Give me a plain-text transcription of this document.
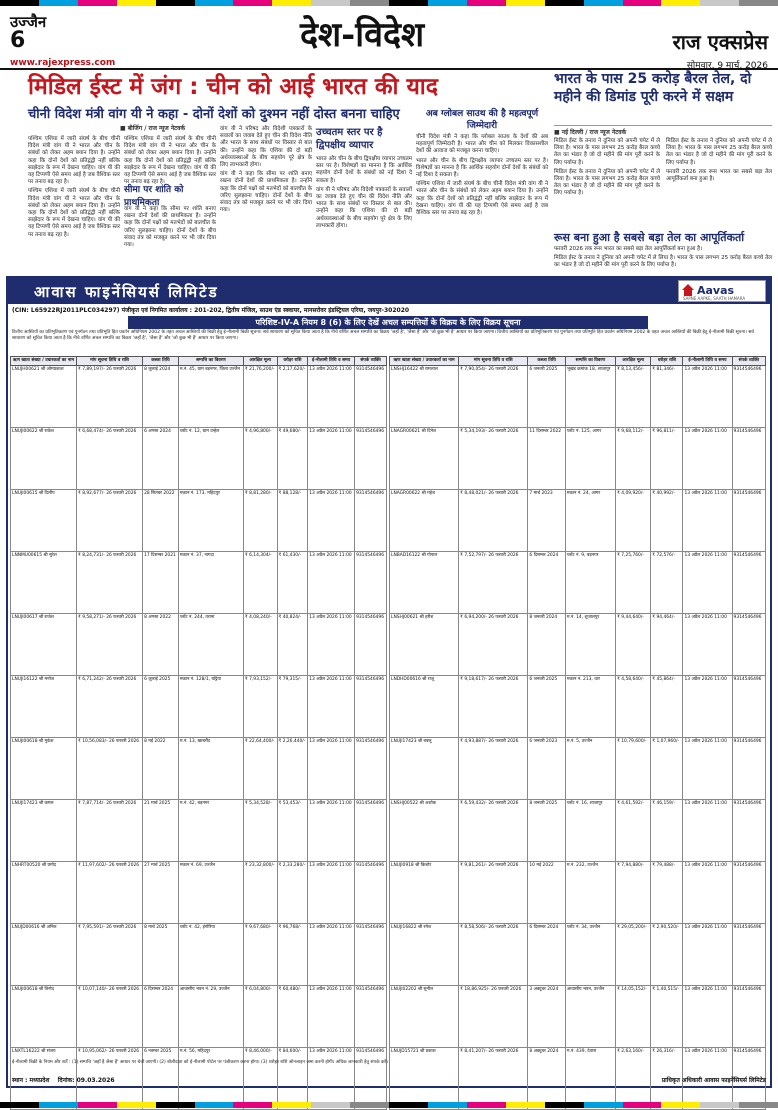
उज्जैन
6
www.rajexpress.com
देश-विदेश	राज एक्सप्रेस
सोमवार, 9 मार्च, 2026
मिडिल ईस्ट में जंग : चीन को आई भारत की याद
चीनी विदेश मंत्री वांग यी ने कहा - दोनों देशों को दुश्मन नहीं दोस्त बनना चाहिए
■ बीजिंग / राज न्यूज नेटवर्क

पश्चिम एशिया में जारी संघर्ष के बीच चीनी विदेश मंत्री वांग यी ने भारत और चीन के संबंधों को लेकर अहम बयान दिया है। उन्होंने कहा कि दोनों देशों को प्रतिद्वंद्वी नहीं बल्कि साझेदार के रूप में देखना चाहिए। वांग यी की यह टिप्पणी ऐसे समय आई है जब वैश्विक स्तर पर तनाव बढ़ रहा है।

पश्चिम एशिया में जारी संघर्ष के बीच चीनी विदेश मंत्री वांग यी ने भारत और चीन के संबंधों को लेकर अहम बयान दिया है। उन्होंने कहा कि दोनों देशों को प्रतिद्वंद्वी नहीं बल्कि साझेदार के रूप में देखना चाहिए। वांग यी की यह टिप्पणी ऐसे समय आई है जब वैश्विक स्तर पर तनाव बढ़ रहा है।

सीमा पर शांति को प्राथमिकता

पश्चिम एशिया में जारी संघर्ष के बीच चीनी विदेश मंत्री वांग यी ने भारत और चीन के संबंधों को लेकर अहम बयान दिया है। उन्होंने कहा कि दोनों देशों को प्रतिद्वंद्वी नहीं बल्कि साझेदार के रूप में देखना चाहिए। वांग यी की यह टिप्पणी ऐसे समय आई है जब वैश्विक स्तर पर तनाव बढ़ रहा है।

वांग यी ने कहा कि सीमा पर शांति बनाए रखना दोनों देशों की प्राथमिकता है। उन्होंने कहा कि दोनों पक्षों को मतभेदों को बातचीत के जरिए सुलझाना चाहिए। दोनों देशों के बीच संवाद तंत्र को मजबूत करने पर भी जोर दिया गया।

वांग यी ने परिषद और विदेशी पत्रकारों के सवालों का जवाब देते हुए चीन की विदेश नीति और भारत के साथ संबंधों पर विस्तार से बात की। उन्होंने कहा कि एशिया की दो बड़ी अर्थव्यवस्थाओं के बीच सहयोग पूरे क्षेत्र के लिए लाभकारी होगा।

वांग यी ने कहा कि सीमा पर शांति बनाए रखना दोनों देशों की प्राथमिकता है। उन्होंने कहा कि दोनों पक्षों को मतभेदों को बातचीत के जरिए सुलझाना चाहिए। दोनों देशों के बीच संवाद तंत्र को मजबूत करने पर भी जोर दिया गया।

उच्चतम स्तर पर है द्विपक्षीय व्यापार

भारत और चीन के बीच द्विपक्षीय व्यापार उच्चतम स्तर पर है। विशेषज्ञों का मानना है कि आर्थिक सहयोग दोनों देशों के संबंधों को नई दिशा दे सकता है।

वांग यी ने परिषद और विदेशी पत्रकारों के सवालों का जवाब देते हुए चीन की विदेश नीति और भारत के साथ संबंधों पर विस्तार से बात की। उन्होंने कहा कि एशिया की दो बड़ी अर्थव्यवस्थाओं के बीच सहयोग पूरे क्षेत्र के लिए लाभकारी होगा।

अब ग्लोबल साउथ की है महत्वपूर्ण जिम्मेदारी

चीनी विदेश मंत्री ने कहा कि ग्लोबल साउथ के देशों की अब महत्वपूर्ण जिम्मेदारी है। भारत और चीन को मिलकर विकासशील देशों की आवाज को मजबूत करना चाहिए।

भारत और चीन के बीच द्विपक्षीय व्यापार उच्चतम स्तर पर है। विशेषज्ञों का मानना है कि आर्थिक सहयोग दोनों देशों के संबंधों को नई दिशा दे सकता है।

पश्चिम एशिया में जारी संघर्ष के बीच चीनी विदेश मंत्री वांग यी ने भारत और चीन के संबंधों को लेकर अहम बयान दिया है। उन्होंने कहा कि दोनों देशों को प्रतिद्वंद्वी नहीं बल्कि साझेदार के रूप में देखना चाहिए। वांग यी की यह टिप्पणी ऐसे समय आई है जब वैश्विक स्तर पर तनाव बढ़ रहा है।

भारत के पास 25 करोड़ बैरल तेल, दो महीने की डिमांड पूरी करने में सक्षम
■ नई दिल्ली / राज न्यूज नेटवर्क

मिडिल ईस्ट के तनाव ने दुनिया को अपनी चपेट में ले लिया है। भारत के पास लगभग 25 करोड़ बैरल कच्चे तेल का भंडार है जो दो महीने की मांग पूरी करने के लिए पर्याप्त है।

मिडिल ईस्ट के तनाव ने दुनिया को अपनी चपेट में ले लिया है। भारत के पास लगभग 25 करोड़ बैरल कच्चे तेल का भंडार है जो दो महीने की मांग पूरी करने के लिए पर्याप्त है।

मिडिल ईस्ट के तनाव ने दुनिया को अपनी चपेट में ले लिया है। भारत के पास लगभग 25 करोड़ बैरल कच्चे तेल का भंडार है जो दो महीने की मांग पूरी करने के लिए पर्याप्त है।

फरवरी 2026 तक रूस भारत का सबसे बड़ा तेल आपूर्तिकर्ता बना हुआ है।

रूस बना हुआ है सबसे बड़ा तेल का आपूर्तिकर्ता

फरवरी 2026 तक रूस भारत का सबसे बड़ा तेल आपूर्तिकर्ता बना हुआ है।

मिडिल ईस्ट के तनाव ने दुनिया को अपनी चपेट में ले लिया है। भारत के पास लगभग 25 करोड़ बैरल कच्चे तेल का भंडार है जो दो महीने की मांग पूरी करने के लिए पर्याप्त है।

आवास फाइनेंसियर्स लिमिटेड	Aavas
SAPNE AAPKE, SAATH HAMARA
(CIN: L65922RJ2011PLC034297) पंजीकृत एवं निगमित कार्यालय : 201-202, द्वितीय मंजिल, साउथ एंड स्क्वायर, मानसरोवर इंडस्ट्रियल एरिया, जयपुर-302020
परिशिष्ट-IV-A नियम 8 (6) के लिए देखें अचल सम्पत्तियों के विक्रय के लिए विक्रय सूचना
वित्तीय आस्तियों का प्रतिभूतिकरण एवं पुनर्गठन तथा प्रतिभूति हित प्रवर्तन अधिनियम 2002 के तहत अचल आस्तियों की बिक्री हेतु ई-नीलामी बिक्री सूचना। सर्व साधारण को सूचित किया जाता है कि नीचे वर्णित अचल सम्पत्ति का विक्रय 'जहाँ है', 'जैसा है' और 'जो कुछ भी है' आधार पर किया जाएगा। वित्तीय आस्तियों का प्रतिभूतिकरण एवं पुनर्गठन तथा प्रतिभूति हित प्रवर्तन अधिनियम 2002 के तहत अचल आस्तियों की बिक्री हेतु ई-नीलामी बिक्री सूचना। सर्व साधारण को सूचित किया जाता है कि नीचे वर्णित अचल सम्पत्ति का विक्रय 'जहाँ है', 'जैसा है' और 'जो कुछ भी है' आधार पर किया जाएगा।
ऋण खाता संख्या / उधारकर्ता का नाम	मांग सूचना तिथि व राशि	कब्जा तिथि	सम्पत्ति का विवरण	आरक्षित मूल्य	धरोहर राशि	ई-नीलामी तिथि व समय	संपर्क व्यक्ति
LNUJH00621 श्री ओमप्रकाश	₹ 7,89,197/- 26 फरवरी 2026	8 जुलाई 2024	म.नं. 45, ग्राम बड़नगर, जिला उज्जैन	₹ 21,76,200/-	₹ 2,17,620/-	13 अप्रैल 2026 11:00	9314546496
LNUJI00622 श्री राकेश	₹ 6,68,474/- 26 फरवरी 2026	6 अगस्त 2024	प्लॉट नं. 12, ग्राम उन्हेल	₹ 4,96,800/-	₹ 49,680/-	13 अप्रैल 2026 11:00	9314546496
LNUJI00615 श्री दिलीप	₹ 8,92,677/- 26 फरवरी 2026	28 सितंबर 2022	मकान नं. 173, महिदपुर	₹ 8,81,280/-	₹ 88,128/-	13 अप्रैल 2026 11:00	9314546496
LNNMU00615 श्री सुरेश	₹ 8,24,731/- 26 फरवरी 2026	17 दिसम्बर 2021	मकान नं. 37, नागदा	₹ 6,14,304/-	₹ 61,430/-	13 अप्रैल 2026 11:00	9314546496
LNUJI00617 श्री राजेश	₹ 9,58,271/- 26 फरवरी 2026	8 अगस्त 2022	प्लॉट नं. 244, तराना	₹ 4,08,240/-	₹ 40,824/-	13 अप्रैल 2026 11:00	9314546496
LNUJI16122 श्री मनोज	₹ 6,71,242/- 26 फरवरी 2026	6 जुलाई 2025	मकान नं. 128/1, घट्टिया	₹ 7,93,152/-	₹ 79,315/-	13 अप्रैल 2026 11:00	9314546496
LNUJI00618 श्री मुकेश	₹ 10,56,083/- 26 फरवरी 2026	8 मई 2022	म.नं. 13, खाचरौद	₹ 22,64,400/-	₹ 2,26,440/-	13 अप्रैल 2026 11:00	9314546496
LNUJI17423 श्री कमल	₹ 7,87,714/- 26 फरवरी 2026	21 मार्च 2025	म.नं. 42, बड़नगर	₹ 5,34,528/-	₹ 53,453/-	13 अप्रैल 2026 11:00	9314546496
LNHRT00520 श्री प्रमोद	₹ 11,97,602/- 26 फरवरी 2026	27 मार्च 2025	मकान नं. 69, उज्जैन	₹ 23,32,800/-	₹ 2,33,280/-	13 अप्रैल 2026 11:00	9314546496
LNUJD00616 श्री अनिल	₹ 7,95,591/- 26 फरवरी 2026	8 मार्च 2025	प्लॉट नं. 42, इंगोरिया	₹ 9,67,680/-	₹ 96,768/-	13 अप्रैल 2026 11:00	9314546496
LNUJI00618 श्री विनोद	₹ 10,07,140/- 26 फरवरी 2026	6 दिसम्बर 2024	आवासीय भवन नं. 29, उज्जैन	₹ 6,04,800/-	₹ 60,480/-	13 अप्रैल 2026 11:00	9314546496
LNXTL16222 श्री संजय	₹ 10,95,062/- 26 फरवरी 2026	6 नवम्बर 2025	म.नं. 56, महिदपुर	₹ 8,46,000/-	₹ 84,600/-	13 अप्रैल 2026 11:00	9314546496
ऋण खाता संख्या / उधारकर्ता का नाम	मांग सूचना तिथि व राशि	कब्जा तिथि	सम्पत्ति का विवरण	आरक्षित मूल्य	धरोहर राशि	ई-नीलामी तिथि व समय	संपर्क व्यक्ति
LNSHJ16422 श्री रामलाल	₹ 7,90,054/- 26 फरवरी 2026	6 जनवरी 2025	भूखंड क्रमांक 18, शाजापुर	₹ 8,13,456/-	₹ 81,346/-	13 अप्रैल 2026 11:00	9314546496
LNAGR00621 श्री दिनेश	₹ 5,34,193/- 26 फरवरी 2026	11 दिसम्बर 2022	प्लॉट नं. 125, आगर	₹ 9,68,112/-	₹ 96,811/-	13 अप्रैल 2026 11:00	9314546496
LNAGR00622 श्री महेश	₹ 8,48,021/- 26 फरवरी 2026	7 मार्च 2023	मकान नं. 24, आगर	₹ 4,09,920/-	₹ 40,992/-	13 अप्रैल 2026 11:00	9314546496
LNBAD16122 श्री गोपाल	₹ 7,52,797/- 26 फरवरी 2026	6 दिसम्बर 2024	प्लॉट नं. 9, बड़नगर	₹ 7,25,760/-	₹ 72,576/-	13 अप्रैल 2026 11:00	9314546496
LNSHJ00621 श्री हरीश	₹ 6,94,200/- 26 फरवरी 2026	8 जनवरी 2024	म.नं. 14, शुजालपुर	₹ 9,44,640/-	₹ 94,464/-	13 अप्रैल 2026 11:00	9314546496
LNDHD00616 श्री राजू	₹ 9,18,617/- 26 फरवरी 2026	6 जनवरी 2025	मकान नं. 213, धार	₹ 4,58,640/-	₹ 45,864/-	13 अप्रैल 2026 11:00	9314546496
LNUJI17423 श्री बबलू	₹ 4,93,887/- 26 फरवरी 2026	6 जनवरी 2023	म.नं. 5, उज्जैन	₹ 10,79,600/-	₹ 1,07,960/-	13 अप्रैल 2026 11:00	9314546496
LNSHJ00522 श्री अशोक	₹ 6,59,432/- 26 फरवरी 2026	8 जनवरी 2025	प्लॉट नं. 16, शाजापुर	₹ 4,61,592/-	₹ 46,159/-	13 अप्रैल 2026 11:00	9314546496
LNUJI0918 श्री किशोर	₹ 9,81,261/- 26 फरवरी 2026	10 मई 2022	म.नं. 232, उज्जैन	₹ 7,94,880/-	₹ 79,488/-	13 अप्रैल 2026 11:00	9314546496
LNUJI16822 श्री रमेश	₹ 8,58,506/- 26 फरवरी 2026	6 दिसम्बर 2024	प्लॉट नं. 34, उज्जैन	₹ 29,05,200/-	₹ 2,90,520/-	13 अप्रैल 2026 11:00	9314546496
LNUJI02202 श्री सुनील	₹ 18,86,925/- 26 फरवरी 2026	3 अक्टूबर 2024	आवासीय भवन, उज्जैन	₹ 14,05,152/-	₹ 1,40,515/-	13 अप्रैल 2026 11:00	9314546496
LNUJD15721 श्री प्रकाश	₹ 8,41,207/- 26 फरवरी 2026	8 अक्टूबर 2024	म.नं. 439, देवास	₹ 2,63,160/-	₹ 26,316/-	13 अप्रैल 2026 11:00	9314546496
ई-नीलामी बिक्री के नियम और शर्तें : (1) सम्पत्ति 'जहाँ है जैसा है' आधार पर बेची जाएगी। (2) बोलीदाता को ई-नीलामी पोर्टल पर पंजीकरण करना होगा। (3) धरोहर राशि ऑनलाइन जमा करनी होगी। अधिक जानकारी हेतु संपर्क करें।
स्थान : मध्यप्रदेश दिनांक: 09.03.2026	प्राधिकृत अधिकारी आवास फाइनेंसियर्स लिमिटेड
